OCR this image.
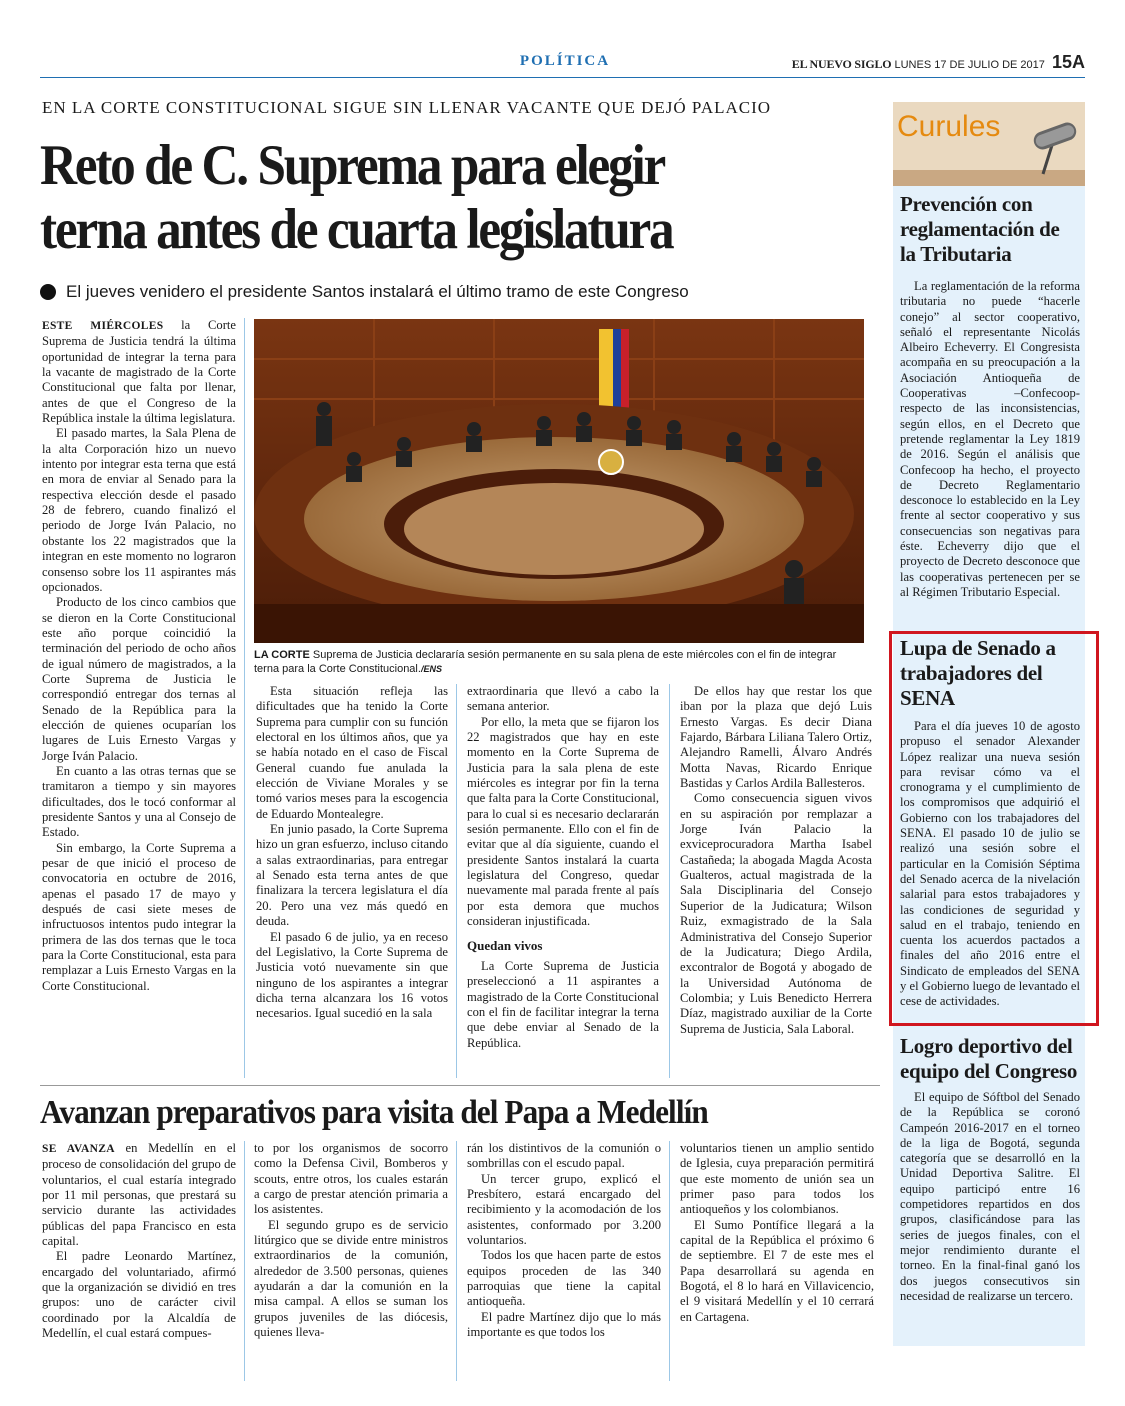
POLÍTICA	EL NUEVO SIGLO LUNES 17 DE JULIO DE 2017 15A
EN LA CORTE CONSTITUCIONAL SIGUE SIN LLENAR VACANTE QUE DEJÓ PALACIO
Reto de C. Suprema para elegir
terna antes de cuarta legislatura
El jueves venidero el presidente Santos instalará el último tramo de este Congreso

ESTE MIÉRCOLES la Corte Suprema de Justicia tendrá la última oportunidad de integrar la terna para la vacante de magistrado de la Corte Constitucional que falta por llenar, antes de que el Congreso de la República instale la última legislatura.

El pasado martes, la Sala Plena de la alta Corporación hizo un nuevo intento por integrar esta terna que está en mora de enviar al Senado para la respectiva elección desde el pasado 28 de febrero, cuando finalizó el periodo de Jorge Iván Palacio, no obstante los 22 magistrados que la integran en este momento no lograron consenso sobre los 11 aspirantes más opcionados.

Producto de los cinco cambios que se dieron en la Corte Constitucional este año porque coincidió la terminación del periodo de ocho años de igual número de magistrados, a la Corte Suprema de Justicia le correspondió entregar dos ternas al Senado de la República para la elección de quienes ocuparían los lugares de Luis Ernesto Vargas y Jorge Iván Palacio.

En cuanto a las otras ternas que se tramitaron a tiempo y sin mayores dificultades, dos le tocó conformar al presidente Santos y una al Consejo de Estado.

Sin embargo, la Corte Suprema a pesar de que inició el proceso de convocatoria en octubre de 2016, apenas el pasado 17 de mayo y después de casi siete meses de infructuosos intentos pudo integrar la primera de las dos ternas que le toca para la Corte Constitucional, esta para remplazar a Luis Ernesto Vargas en la Corte Constitucional.

LA CORTE Suprema de Justicia declararía sesión permanente en su sala plena de este miércoles con el fin de integrar terna para la Corte Constitucional./ENS

Esta situación refleja las dificultades que ha tenido la Corte Suprema para cumplir con su función electoral en los últimos años, que ya se había notado en el caso de Fiscal General cuando fue anulada la elección de Viviane Morales y se tomó varios meses para la escogencia de Eduardo Montealegre.

En junio pasado, la Corte Suprema hizo un gran esfuerzo, incluso citando a salas extraordinarias, para entregar al Senado esta terna antes de que finalizara la tercera legislatura el día 20. Pero una vez más quedó en deuda.

El pasado 6 de julio, ya en receso del Legislativo, la Corte Suprema de Justicia votó nuevamente sin que ninguno de los aspirantes a integrar dicha terna alcanzara los 16 votos necesarios. Igual sucedió en la sala

extraordinaria que llevó a cabo la semana anterior.

Por ello, la meta que se fijaron los 22 magistrados que hay en este momento en la Corte Suprema de Justicia para la sala plena de este miércoles es integrar por fin la terna que falta para la Corte Constitucional, para lo cual si es necesario declararán sesión permanente. Ello con el fin de evitar que al día siguiente, cuando el presidente Santos instalará la cuarta legislatura del Congreso, quedar nuevamente mal parada frente al país por esta demora que muchos consideran injustificada.

Quedan vivos

La Corte Suprema de Justicia preseleccionó a 11 aspirantes a magistrado de la Corte Constitucional con el fin de facilitar integrar la terna que debe enviar al Senado de la República.

De ellos hay que restar los que iban por la plaza que dejó Luis Ernesto Vargas. Es decir Diana Fajardo, Bárbara Liliana Talero Ortiz, Alejandro Ramelli, Álvaro Andrés Motta Navas, Ricardo Enrique Bastidas y Carlos Ardila Ballesteros.

Como consecuencia siguen vivos en su aspiración por remplazar a Jorge Iván Palacio la exviceprocuradora Martha Isabel Castañeda; la abogada Magda Acosta Gualteros, actual magistrada de la Sala Disciplinaria del Consejo Superior de la Judicatura; Wilson Ruiz, exmagistrado de la Sala Administrativa del Consejo Superior de la Judicatura; Diego Ardila, excontralor de Bogotá y abogado de la Universidad Autónoma de Colombia; y Luis Benedicto Herrera Díaz, magistrado auxiliar de la Corte Suprema de Justicia, Sala Laboral.

Avanzan preparativos para visita del Papa a Medellín

SE AVANZA en Medellín en el proceso de consolidación del grupo de voluntarios, el cual estaría integrado por 11 mil personas, que prestará su servicio durante las actividades públicas del papa Francisco en esta capital.

El padre Leonardo Martínez, encargado del voluntariado, afirmó que la organización se dividió en tres grupos: uno de carácter civil coordinado por la Alcaldía de Medellín, el cual estará compues-

to por los organismos de socorro como la Defensa Civil, Bomberos y scouts, entre otros, los cuales estarán a cargo de prestar atención primaria a los asistentes.

El segundo grupo es de servicio litúrgico que se divide entre ministros extraordinarios de la comunión, alrededor de 3.500 personas, quienes ayudarán a dar la comunión en la misa campal. A ellos se suman los grupos juveniles de las diócesis, quienes lleva-

rán los distintivos de la comunión o sombrillas con el escudo papal.

Un tercer grupo, explicó el Presbítero, estará encargado del recibimiento y la acomodación de los asistentes, conformado por 3.200 voluntarios.

Todos los que hacen parte de estos equipos proceden de las 340 parroquias que tiene la capital antioqueña.

El padre Martínez dijo que lo más importante es que todos los

voluntarios tienen un amplio sentido de Iglesia, cuya preparación permitirá que este momento de unión sea un primer paso para todos los antioqueños y los colombianos.

El Sumo Pontífice llegará a la capital de la República el próximo 6 de septiembre. El 7 de este mes el Papa desarrollará su agenda en Bogotá, el 8 lo hará en Villavicencio, el 9 visitará Medellín y el 10 cerrará en Cartagena.

Curules
Prevención con reglamentación de la Tributaria

La reglamentación de la reforma tributaria no puede “hacerle conejo” al sector cooperativo, señaló el representante Nicolás Albeiro Echeverry. El Congresista acompaña en su preocupación a la Asociación Antioqueña de Cooperativas –Confecoop- respecto de las inconsistencias, según ellos, en el Decreto que pretende reglamentar la Ley 1819 de 2016. Según el análisis que Confecoop ha hecho, el proyecto de Decreto Reglamentario desconoce lo establecido en la Ley frente al sector cooperativo y sus consecuencias son negativas para éste. Echeverry dijo que el proyecto de Decreto desconoce que las cooperativas pertenecen per se al Régimen Tributario Especial.

Lupa de Senado a trabajadores del SENA

Para el día jueves 10 de agosto propuso el senador Alexander López realizar una nueva sesión para revisar cómo va el cronograma y el cumplimiento de los compromisos que adquirió el Gobierno con los trabajadores del SENA. El pasado 10 de julio se realizó una sesión sobre el particular en la Comisión Séptima del Senado acerca de la nivelación salarial para estos trabajadores y las condiciones de seguridad y salud en el trabajo, teniendo en cuenta los acuerdos pactados a finales del año 2016 entre el Sindicato de empleados del SENA y el Gobierno luego de levantado el cese de actividades.

Logro deportivo del equipo del Congreso

El equipo de Sóftbol del Senado de la República se coronó Campeón 2016-2017 en el torneo de la liga de Bogotá, segunda categoría que se desarrolló en la Unidad Deportiva Salitre. El equipo participó entre 16 competidores repartidos en dos grupos, clasificándose para las series de juegos finales, con el mejor rendimiento durante el torneo. En la final-final ganó los dos juegos consecutivos sin necesidad de realizarse un tercero.
